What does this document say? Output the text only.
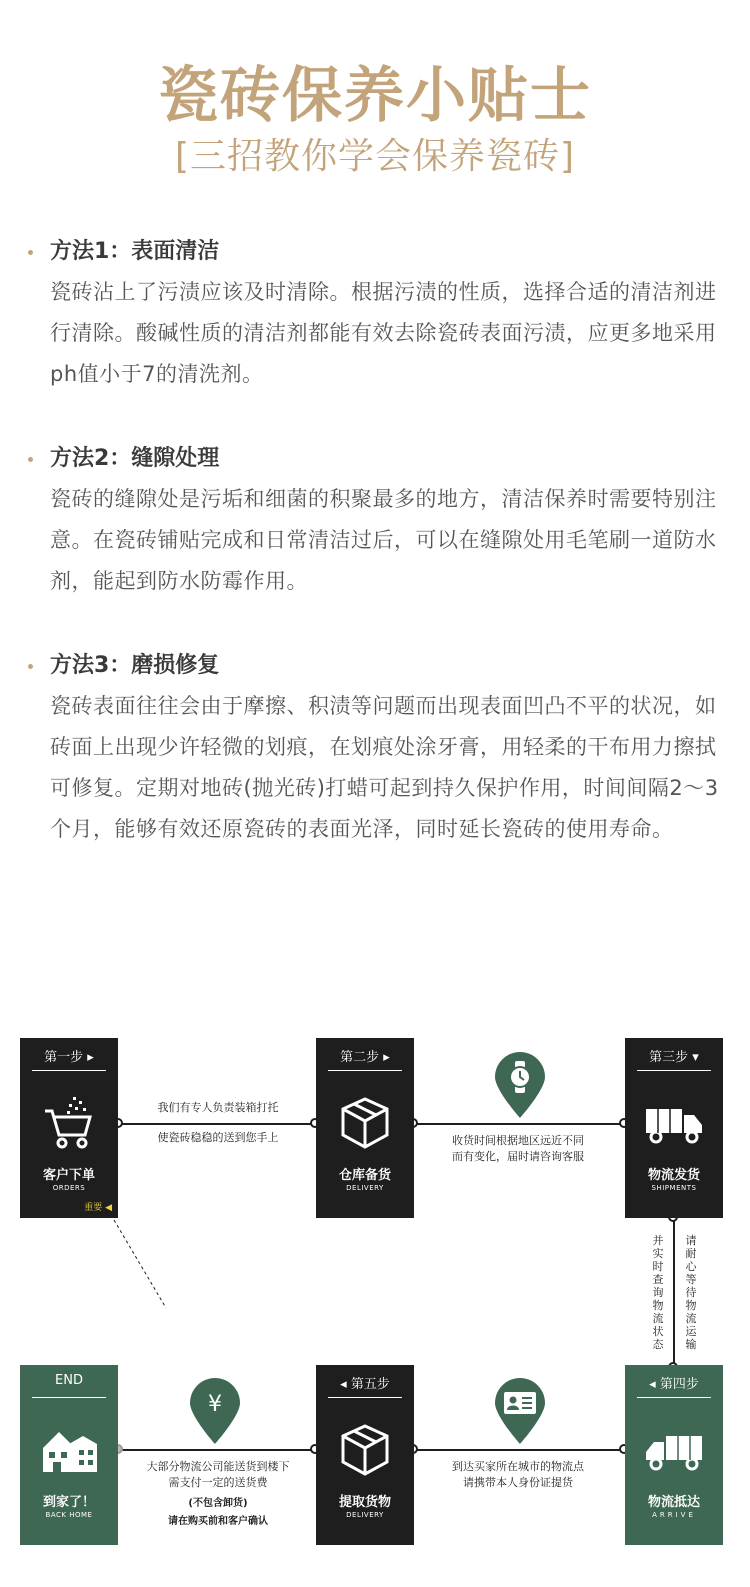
瓷砖保养小贴士
[三招教你学会保养瓷砖]
方法1：表面清洁
瓷砖沾上了污渍应该及时清除。根据污渍的性质，选择合适的清洁剂进行清除。酸碱性质的清洁剂都能有效去除瓷砖表面污渍，应更多地采用ph值小于7的清洗剂。
方法2：缝隙处理
瓷砖的缝隙处是污垢和细菌的积聚最多的地方，清洁保养时需要特别注意。在瓷砖铺贴完成和日常清洁过后，可以在缝隙处用毛笔刷一道防水剂，能起到防水防霉作用。
方法3：磨损修复
瓷砖表面往往会由于摩擦、积渍等问题而出现表面凹凸不平的状况，如砖面上出现少许轻微的划痕，在划痕处涂牙膏，用轻柔的干布用力擦拭可修复。定期对地砖(抛光砖)打蜡可起到持久保护作用，时间间隔2～3个月，能够有效还原瓷砖的表面光泽，同时延长瓷砖的使用寿命。
第一步 ▸
客户下单
ORDERS
重要 ◀
第二步 ▸
仓库备货
DELIVERY
第三步 ▾
物流发货
SHIPMENTS
◂ 第四步
物流抵达
ARRIVE
◂ 第五步
提取货物
DELIVERY
END
到家了！
BACK HOME
我们有专人负责装箱打托
使瓷砖稳稳的送到您手上	收货时间根据地区远近不同
而有变化，届时请咨询客服
并实时查询物流状态
请耐心等待物流运输
到达买家所在城市的物流点
请携带本人身份证提货
¥
大部分物流公司能送货到楼下
需支付一定的送货费
(不包含卸货)
请在购买前和客户确认
